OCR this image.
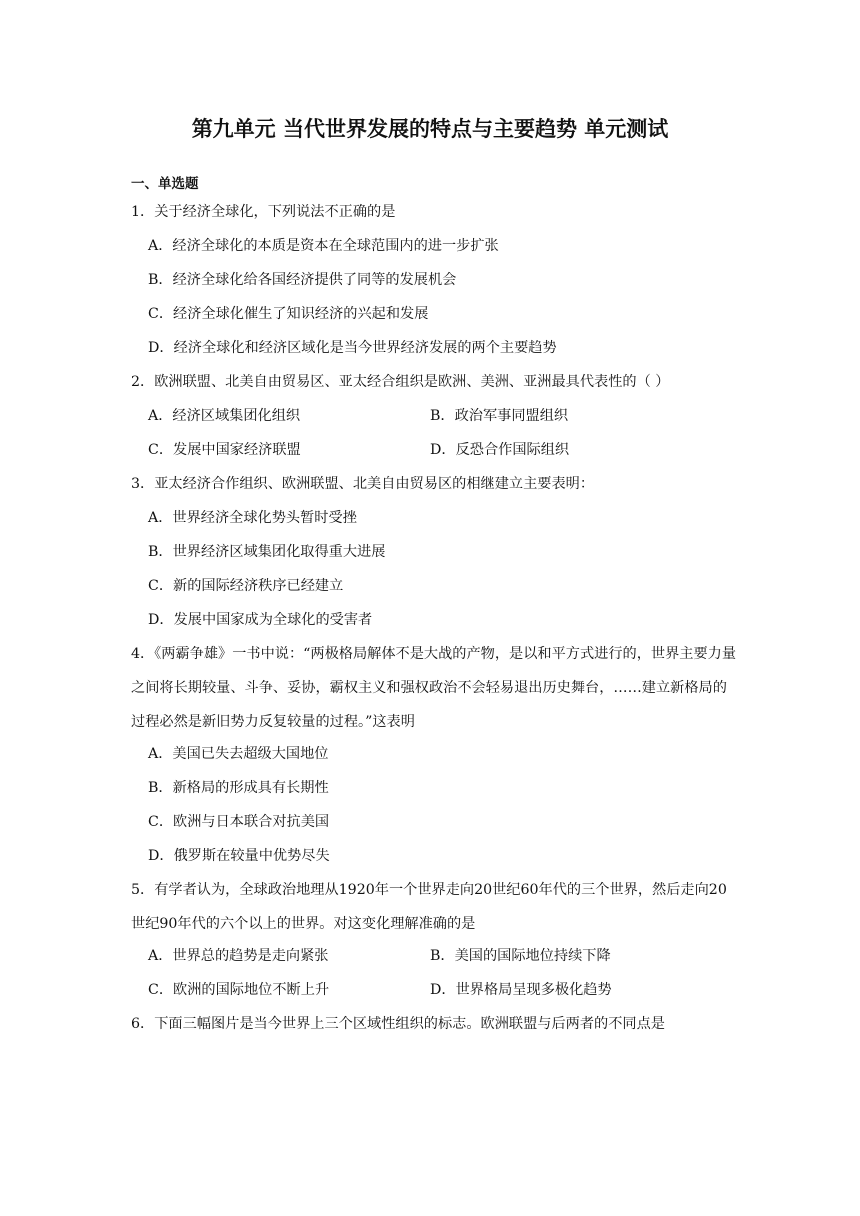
第九单元 当代世界发展的特点与主要趋势 单元测试
一、单选题
1．关于经济全球化，下列说法不正确的是
A．经济全球化的本质是资本在全球范围内的进一步扩张
B．经济全球化给各国经济提供了同等的发展机会
C．经济全球化催生了知识经济的兴起和发展
D．经济全球化和经济区域化是当今世界经济发展的两个主要趋势
2．欧洲联盟、北美自由贸易区、亚太经合组织是欧洲、美洲、亚洲最具代表性的（ ）
A．经济区域集团化组织	B．政治军事同盟组织
C．发展中国家经济联盟	D．反恐合作国际组织
3．亚太经济合作组织、欧洲联盟、北美自由贸易区的相继建立主要表明：
A．世界经济全球化势头暂时受挫
B．世界经济区域集团化取得重大进展
C．新的国际经济秩序已经建立
D．发展中国家成为全球化的受害者
4．《两霸争雄》一书中说：“两极格局解体不是大战的产物，是以和平方式进行的，世界主要力量之间将长期较量、斗争、妥协，霸权主义和强权政治不会轻易退出历史舞台，……建立新格局的过程必然是新旧势力反复较量的过程。”这表明
A．美国已失去超级大国地位
B．新格局的形成具有长期性
C．欧洲与日本联合对抗美国
D．俄罗斯在较量中优势尽失
5．有学者认为，全球政治地理从1920年一个世界走向20世纪60年代的三个世界，然后走向20世纪90年代的六个以上的世界。对这变化理解准确的是
A．世界总的趋势是走向紧张	B．美国的国际地位持续下降
C．欧洲的国际地位不断上升	D．世界格局呈现多极化趋势
6．下面三幅图片是当今世界上三个区域性组织的标志。欧洲联盟与后两者的不同点是
